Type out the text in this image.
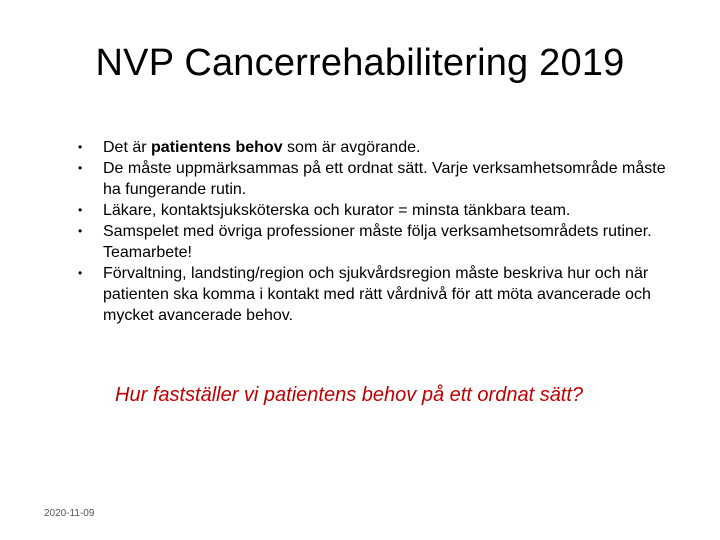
NVP Cancerrehabilitering 2019
• Det är patientens behov som är avgörande.
• De måste uppmärksammas på ett ordnat sätt. Varje verksamhetsområde måste ha fungerande rutin.
• Läkare, kontaktsjuksköterska och kurator = minsta tänkbara team.
• Samspelet med övriga professioner måste följa verksamhetsområdets rutiner. Teamarbete!
• Förvaltning, landsting/region och sjukvårdsregion måste beskriva hur och när patienten ska komma i kontakt med rätt vårdnivå för att möta avancerade och mycket avancerade behov.
Hur fastställer vi patientens behov på ett ordnat sätt?
2020-11-09
